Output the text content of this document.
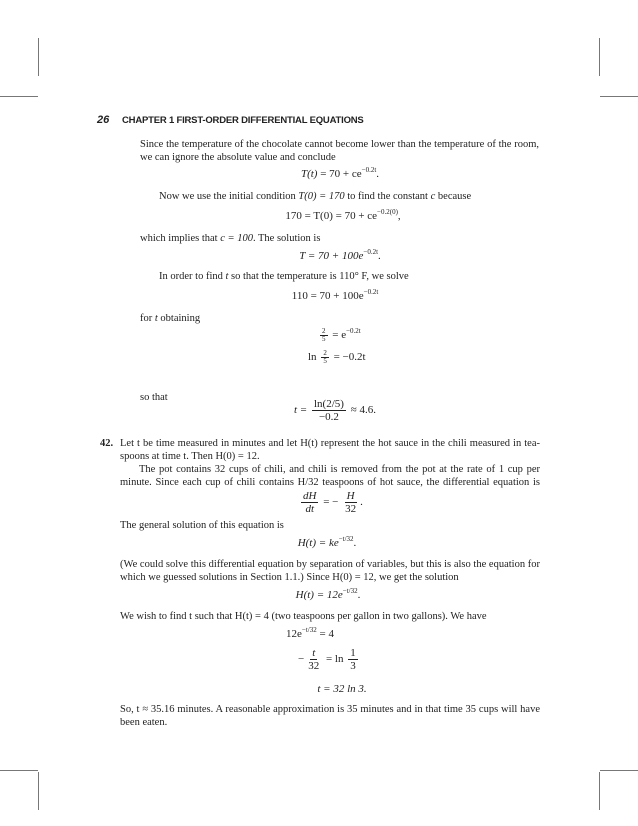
26 CHAPTER 1 FIRST-ORDER DIFFERENTIAL EQUATIONS
Since the temperature of the chocolate cannot become lower than the temperature of the room,
we can ignore the absolute value and conclude
$T(t) = 70 + ce^{-0.2t}$.
Now we use the initial condition T(0) = 170 to find the constant c because
$170 = T(0) = 70 + ce^{-0.2(0)}$,
which implies that c = 100. The solution is
$T = 70 + 100e^{-0.2t}$.
In order to find t so that the temperature is 110° F, we solve
$110 = 70 + 100e^{-0.2t}$
for t obtaining
$\frac{2}{5} = e^{-0.2t}$
$\ln \frac{2}{5} = -0.2t$
so that
$t = \frac{\ln(2/5)}{-0.2} \approx 4.6$.
42. Let t be time measured in minutes and let H(t) represent the hot sauce in the chili measured in tea-
spoons at time t. Then H(0) = 12.
The pot contains 32 cups of chili, and chili is removed from the pot at the rate of 1 cup per
minute. Since each cup of chili contains H/32 teaspoons of hot sauce, the differential equation is
$\frac{dH}{dt}$ = − $\frac{H}{32}$ .
The general solution of this equation is
$H(t) = ke^{-t/32}$.
(We could solve this differential equation by separation of variables, but this is also the equation for
which we guessed solutions in Section 1.1.) Since H(0) = 12, we get the solution
$H(t) = 12e^{-t/32}$.
We wish to find t such that H(t) = 4 (two teaspoons per gallon in two gallons). We have
$12e^{-t/32} = 4$
− $\frac{t}{32} = \ln \frac{1}{3}$
t = 32 ln 3.
So, t ≈ 35.16 minutes. A reasonable approximation is 35 minutes and in that time 35 cups will have
been eaten.
